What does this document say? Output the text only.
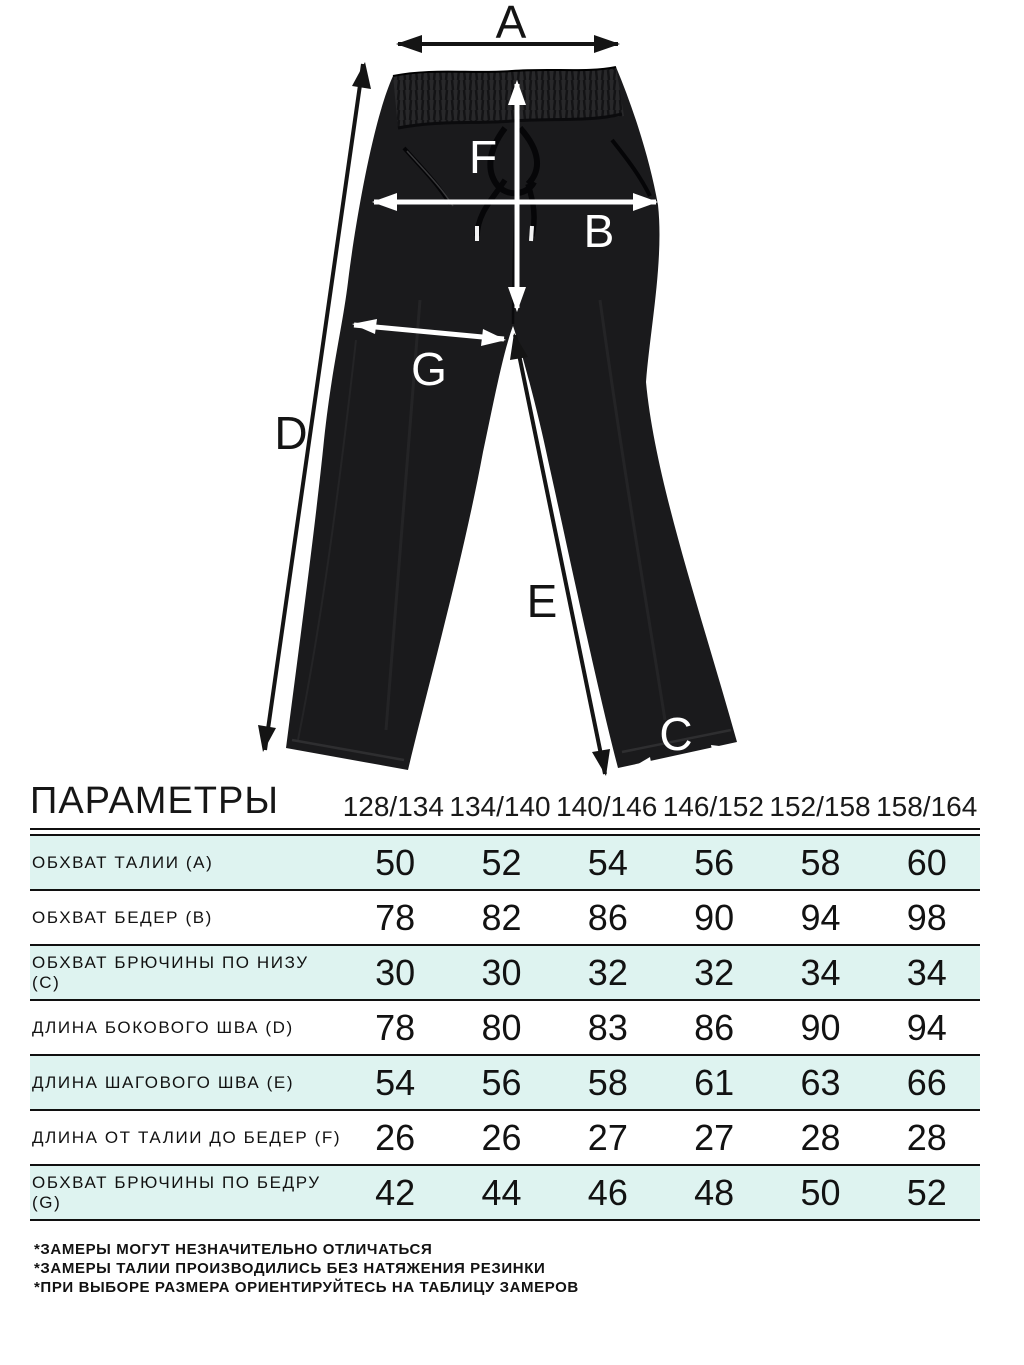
A
D
F
B
G
E
C
ПАРАМЕТРЫ	128/134 134/140 140/146 146/152 152/158 158/164
ОБХВАТ ТАЛИИ (A)	50	52	54	56	58	60
ОБХВАТ БЕДЕР (B)	78	82	86	90	94	98
ОБХВАТ БРЮЧИНЫ ПО НИЗУ (C)	30	30	32	32	34	34
ДЛИНА БОКОВОГО ШВА (D)	78	80	83	86	90	94
ДЛИНА ШАГОВОГО ШВА (E)	54	56	58	61	63	66
ДЛИНА ОТ ТАЛИИ ДО БЕДЕР (F) 26	26	27	27	28	28
ОБХВАТ БРЮЧИНЫ ПО БЕДРУ (G)	42	44	46	48	50	52
*ЗАМЕРЫ МОГУТ НЕЗНАЧИТЕЛЬНО ОТЛИЧАТЬСЯ
*ЗАМЕРЫ ТАЛИИ ПРОИЗВОДИЛИСЬ БЕЗ НАТЯЖЕНИЯ РЕЗИНКИ
*ПРИ ВЫБОРЕ РАЗМЕРА ОРИЕНТИРУЙТЕСЬ НА ТАБЛИЦУ ЗАМЕРОВ
